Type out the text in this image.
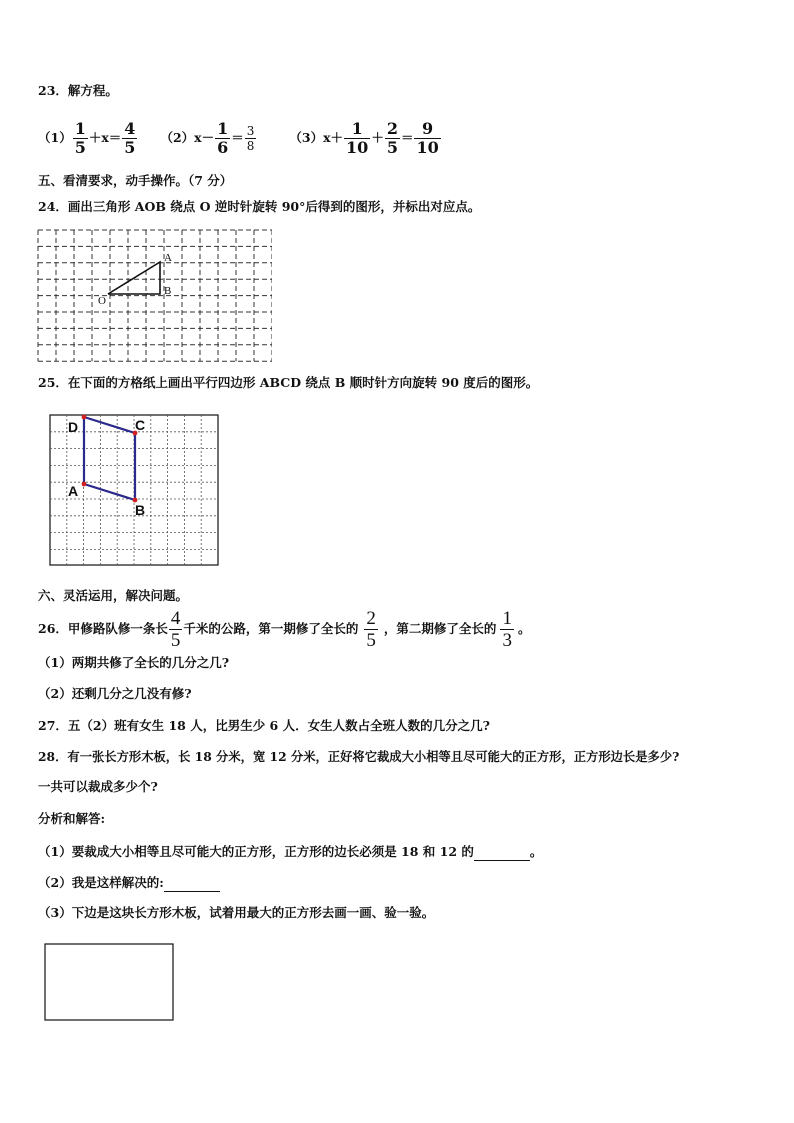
23．解方程。
$(1) \frac{1}{5} +x= \frac{4}{5} (2)x- \frac{1}{6} = \frac{3}{8}$	$(3)x+ \frac{1}{10} + \frac{2}{5} = \frac{9}{10}$
五、看清要求，动手操作。（7 分）
24．画出三角形 AOB 绕点 O 逆时针旋转 90°后得到的图形，并标出对应点。
A
B
O
25．在下面的方格纸上画出平行四边形 ABCD 绕点 B 顺时针方向旋转 90 度后的图形。
D	C
A
B
六、灵活运用，解决问题。
26．甲修路队修一条长 $\frac{4}{5}$ 千米的公路，第一期修了全长的 $\frac{2}{5}$ ，第二期修了全长的 $\frac{1}{3}$ 。
（1）两期共修了全长的几分之几?
（2）还剩几分之几没有修?
27．五（2）班有女生 18 人，比男生少 6 人．女生人数占全班人数的几分之几?
28．有一张长方形木板，长 18 分米，宽 12 分米，正好将它裁成大小相等且尽可能大的正方形，正方形边长是多少?
一共可以裁成多少个?
分析和解答:
（1）要裁成大小相等且尽可能大的正方形，正方形的边长必须是 18 和 12 的	。
（2）我是这样解决的:
（3）下边是这块长方形木板，试着用最大的正方形去画一画、验一验。
